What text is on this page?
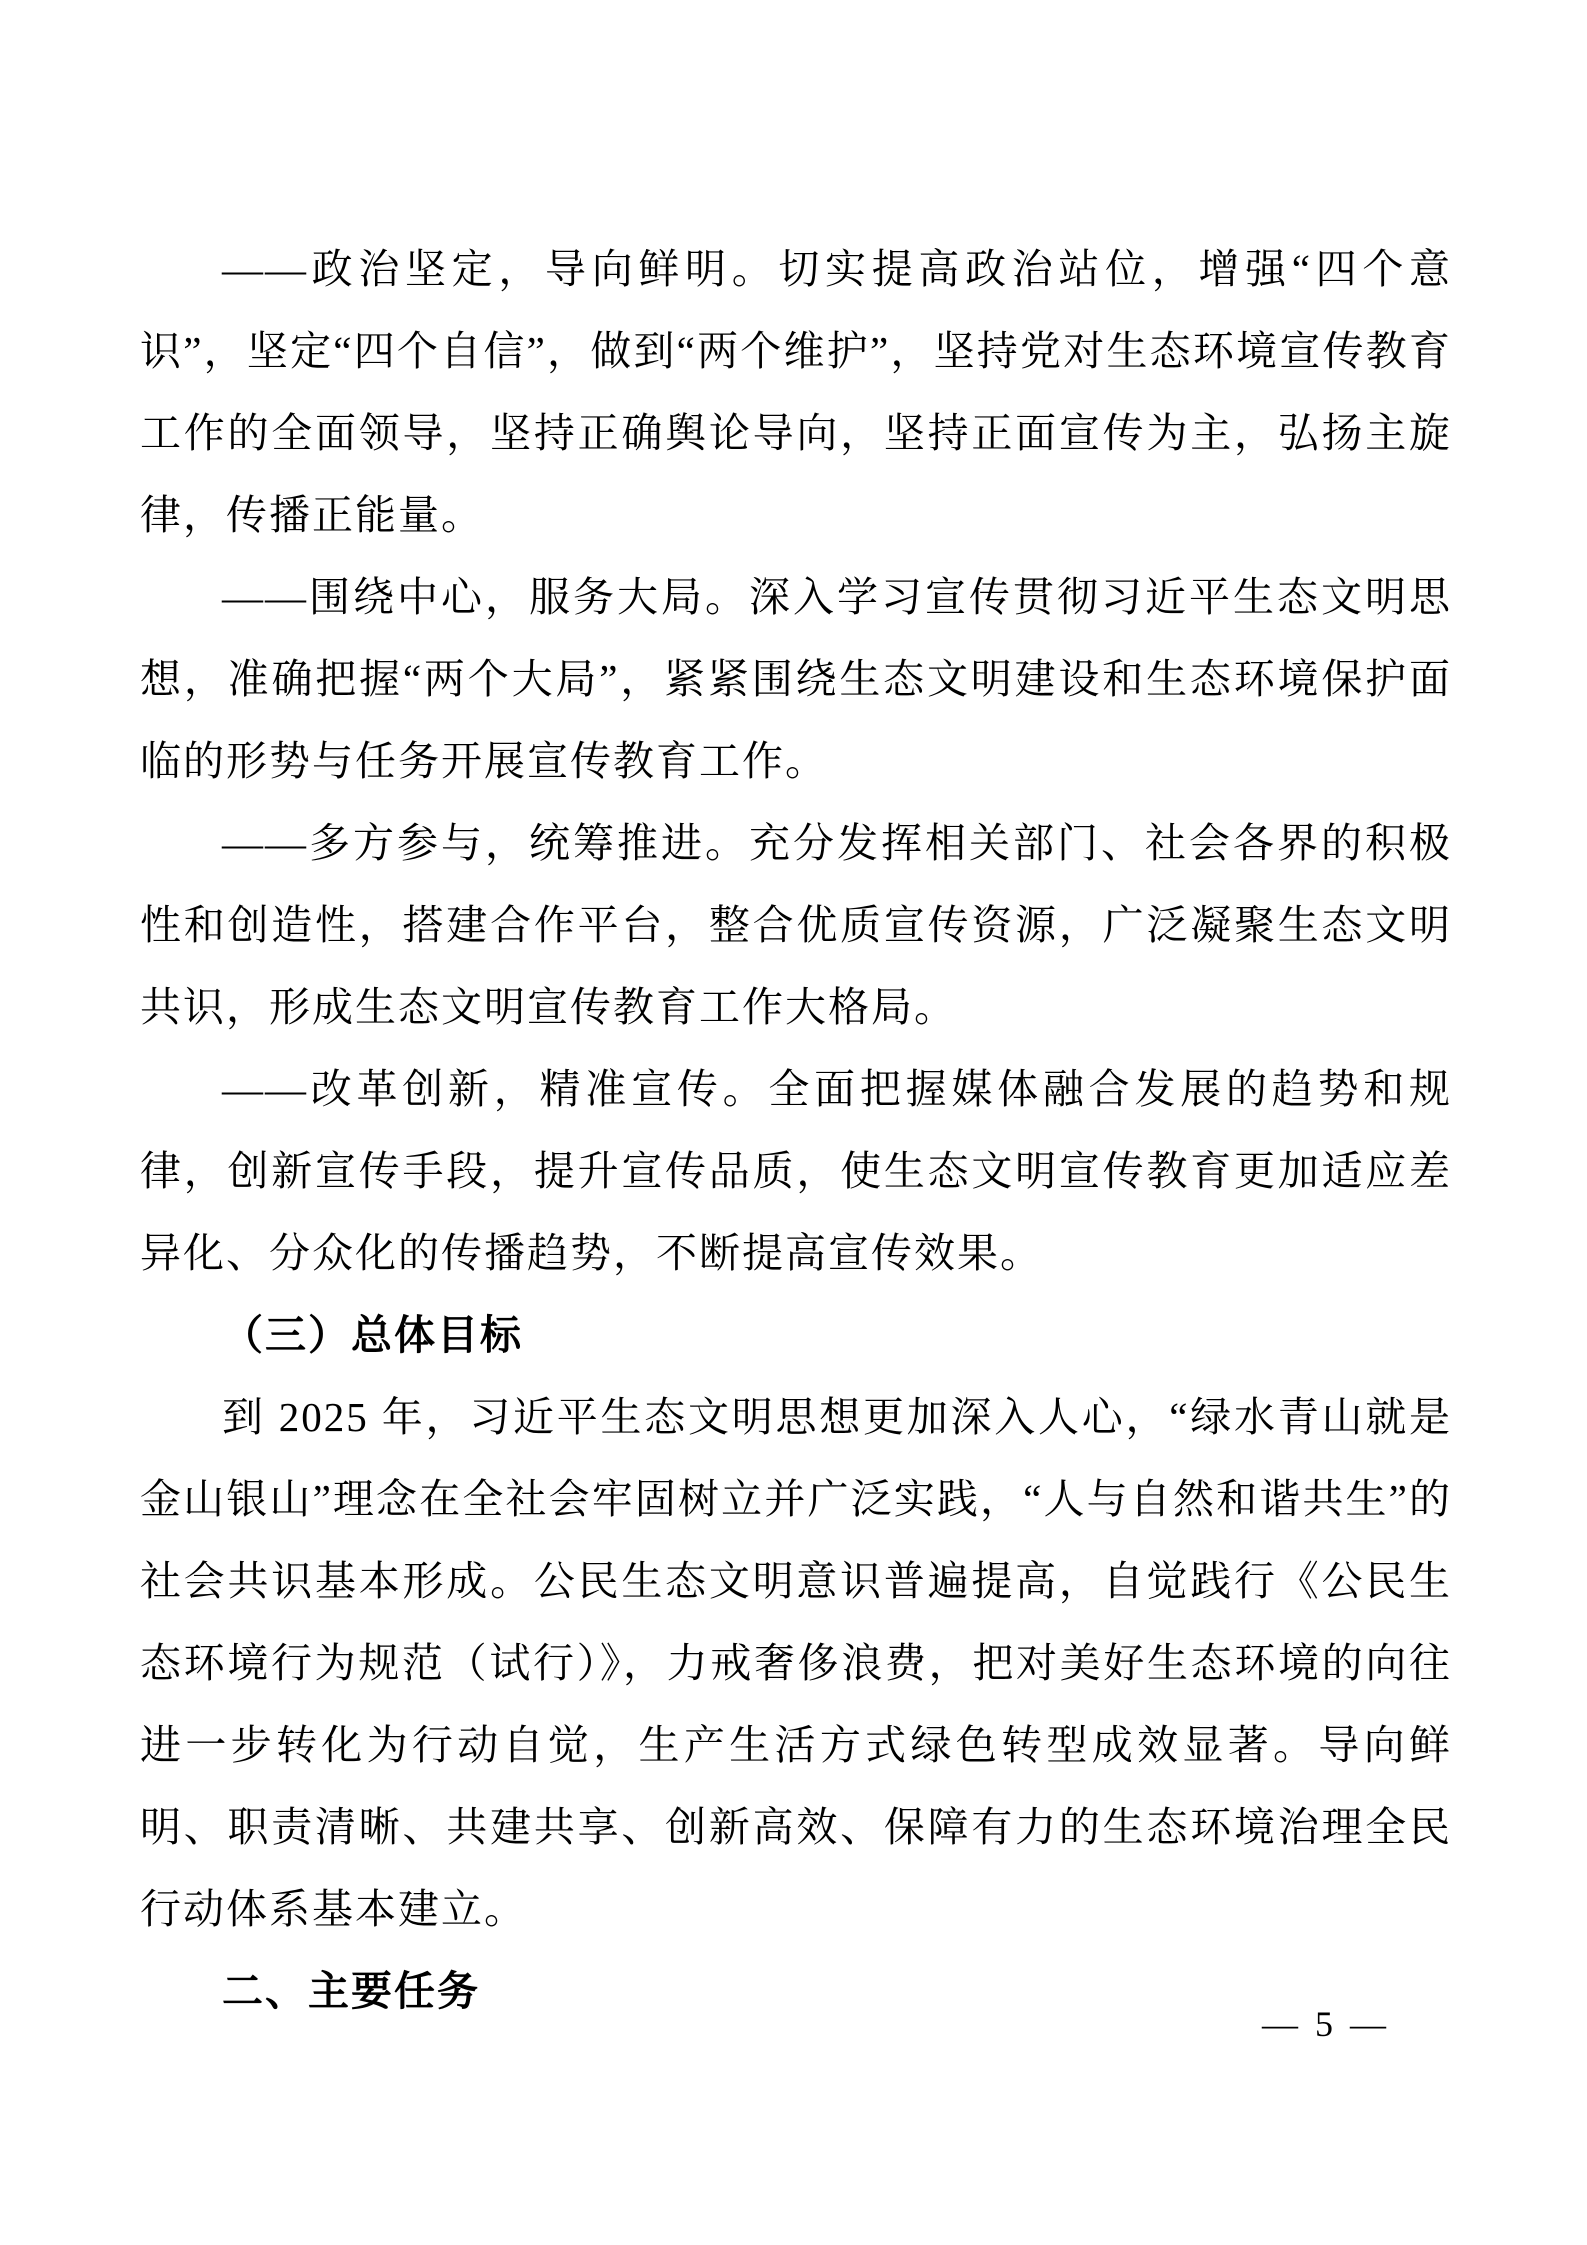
——政治坚定，导向鲜明。切实提高政治站位，增强“四个意识”，坚定“四个自信”，做到“两个维护”，坚持党对生态环境宣传教育工作的全面领导，坚持正确舆论导向，坚持正面宣传为主，弘扬主旋律，传播正能量。

——围绕中心，服务大局。深入学习宣传贯彻习近平生态文明思想，准确把握“两个大局”，紧紧围绕生态文明建设和生态环境保护面临的形势与任务开展宣传教育工作。

——多方参与，统筹推进。充分发挥相关部门、社会各界的积极性和创造性，搭建合作平台，整合优质宣传资源，广泛凝聚生态文明共识，形成生态文明宣传教育工作大格局。

——改革创新，精准宣传。全面把握媒体融合发展的趋势和规律，创新宣传手段，提升宣传品质，使生态文明宣传教育更加适应差异化、分众化的传播趋势，不断提高宣传效果。

（三）总体目标

到 2025 年，习近平生态文明思想更加深入人心，“绿水青山就是金山银山”理念在全社会牢固树立并广泛实践，“人与自然和谐共生”的社会共识基本形成。公民生态文明意识普遍提高，自觉践行《公民生态环境行为规范（试行）》，力戒奢侈浪费，把对美好生态环境的向往进一步转化为行动自觉，生产生活方式绿色转型成效显著。导向鲜明、职责清晰、共建共享、创新高效、保障有力的生态环境治理全民行动体系基本建立。

二、主要任务

— 5 —
